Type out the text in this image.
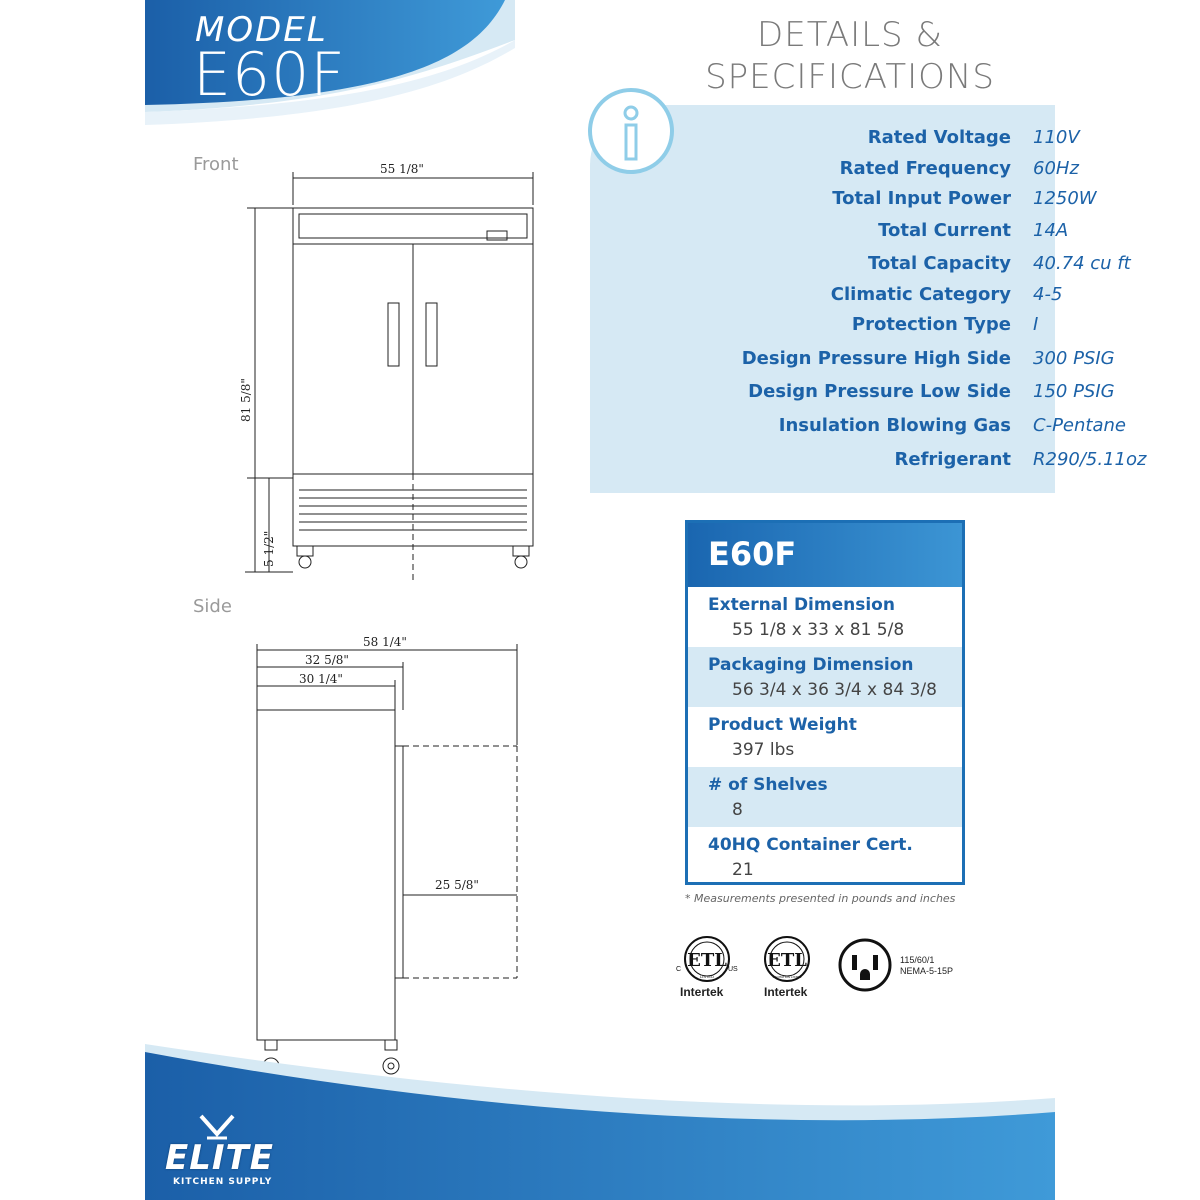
MODEL
E60F
DETAILS &
SPECIFICATIONS
Rated Voltage	110V
Rated Frequency	60Hz
Total Input Power	1250W
Total Current	14A
Total Capacity	40.74 cu ft
Climatic Category	4-5
Protection Type	I
Design Pressure High Side	300 PSIG
Design Pressure Low Side	150 PSIG
Insulation Blowing Gas	C-Pentane
Refrigerant	R290/5.11oz
Front	55 1/8"
81 5/8"
5 1/2"
Side
58 1/4"
32 5/8"
30 1/4"
25 5/8"
E60F
External Dimension
55 1/8 x 33 x 81 5/8
Packaging Dimension
56 3/4 x 36 3/4 x 84 3/8
Product Weight
397 lbs
# of Shelves
8
40HQ Container Cert.
21
* Measurements presented in pounds and inches
ETL
LISTED
C	US
Intertek
ETL
SANITATION LISTED
Intertek
115/60/1
NEMA-5-15P
ELITE
KITCHEN SUPPLY
